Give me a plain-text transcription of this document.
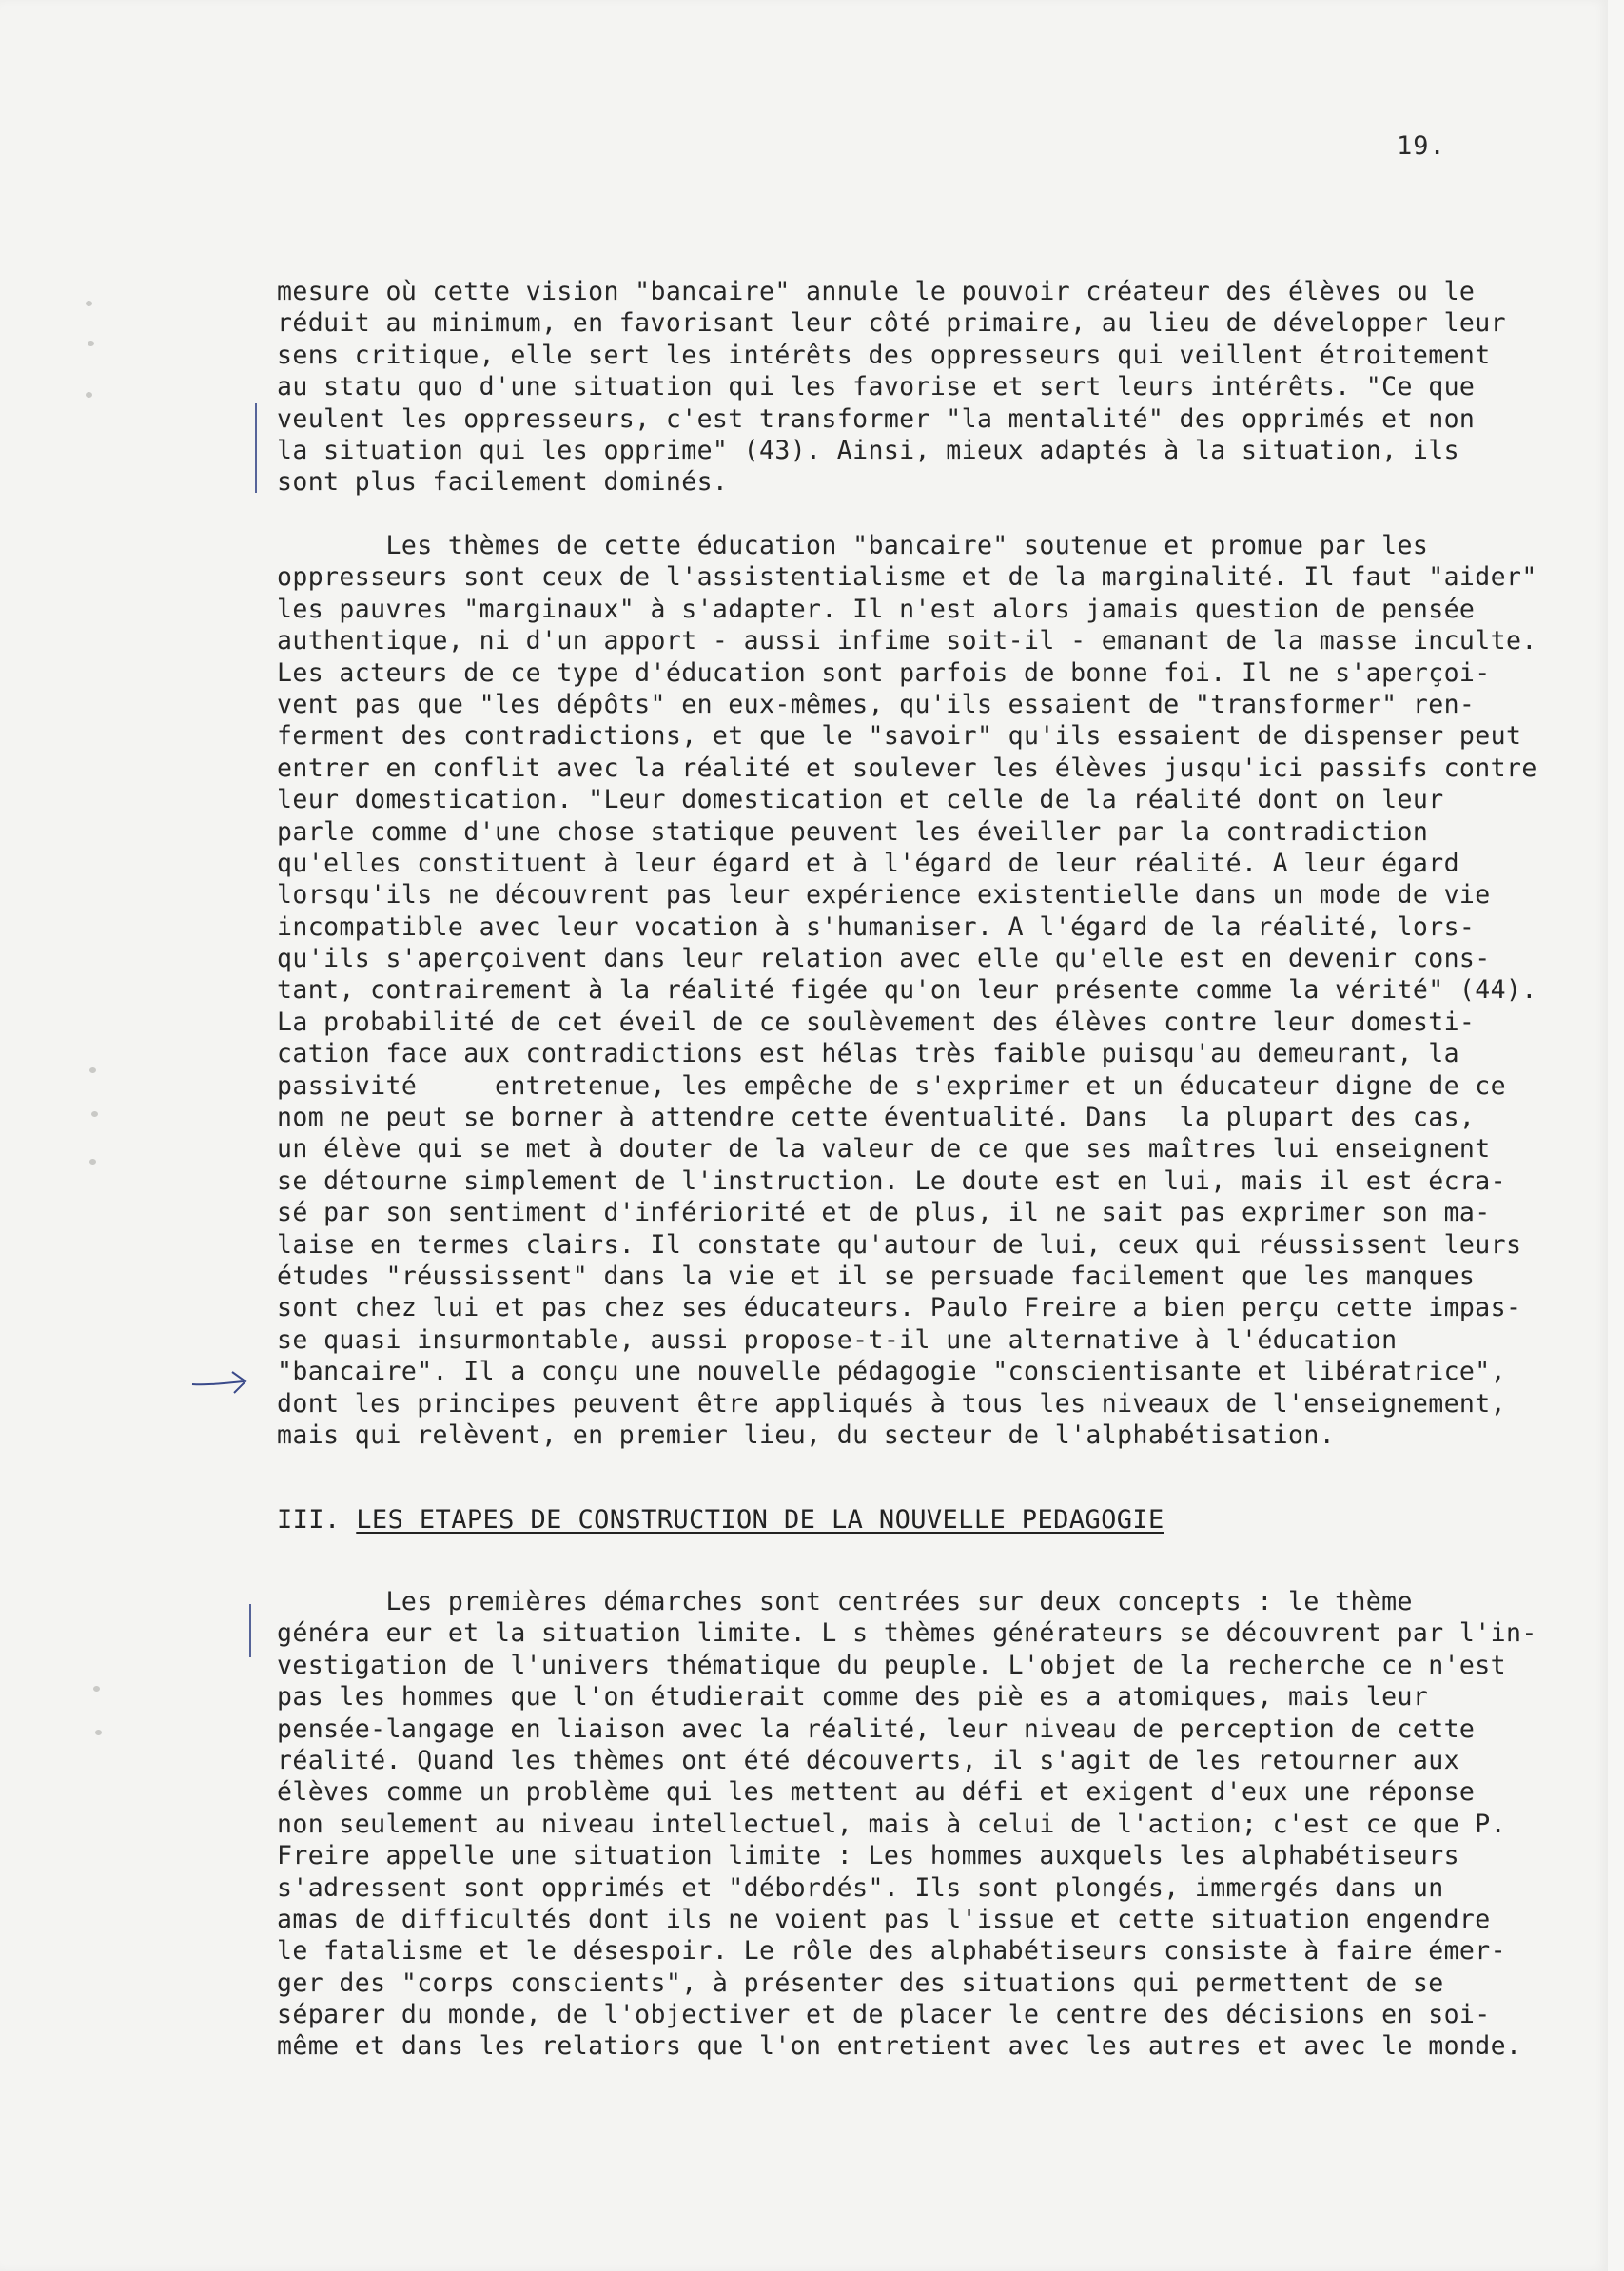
19.
mesure où cette vision "bancaire" annule le pouvoir créateur des élèves ou le
réduit au minimum, en favorisant leur côté primaire, au lieu de développer leur
sens critique, elle sert les intérêts des oppresseurs qui veillent étroitement
au statu quo d'une situation qui les favorise et sert leurs intérêts. "Ce que
veulent les oppresseurs, c'est transformer "la mentalité" des opprimés et non
la situation qui les opprime" (43). Ainsi, mieux adaptés à la situation, ils
sont plus facilement dominés.
Les thèmes de cette éducation "bancaire" soutenue et promue par les
oppresseurs sont ceux de l'assistentialisme et de la marginalité. Il faut "aider"
les pauvres "marginaux" à s'adapter. Il n'est alors jamais question de pensée
authentique, ni d'un apport - aussi infime soit-il - emanant de la masse inculte.
Les acteurs de ce type d'éducation sont parfois de bonne foi. Il ne s'aperçoi-
vent pas que "les dépôts" en eux-mêmes, qu'ils essaient de "transformer" ren-
ferment des contradictions, et que le "savoir" qu'ils essaient de dispenser peut
entrer en conflit avec la réalité et soulever les élèves jusqu'ici passifs contre
leur domestication. "Leur domestication et celle de la réalité dont on leur
parle comme d'une chose statique peuvent les éveiller par la contradiction
qu'elles constituent à leur égard et à l'égard de leur réalité. A leur égard
lorsqu'ils ne découvrent pas leur expérience existentielle dans un mode de vie
incompatible avec leur vocation à s'humaniser. A l'égard de la réalité, lors-
qu'ils s'aperçoivent dans leur relation avec elle qu'elle est en devenir cons-
tant, contrairement à la réalité figée qu'on leur présente comme la vérité" (44).
La probabilité de cet éveil de ce soulèvement des élèves contre leur domesti-
cation face aux contradictions est hélas très faible puisqu'au demeurant, la
passivité     entretenue, les empêche de s'exprimer et un éducateur digne de ce
nom ne peut se borner à attendre cette éventualité. Dans  la plupart des cas,
un élève qui se met à douter de la valeur de ce que ses maîtres lui enseignent
se détourne simplement de l'instruction. Le doute est en lui, mais il est écra-
sé par son sentiment d'infériorité et de plus, il ne sait pas exprimer son ma-
laise en termes clairs. Il constate qu'autour de lui, ceux qui réussissent leurs
études "réussissent" dans la vie et il se persuade facilement que les manques
sont chez lui et pas chez ses éducateurs. Paulo Freire a bien perçu cette impas-
se quasi insurmontable, aussi propose-t-il une alternative à l'éducation
"bancaire". Il a conçu une nouvelle pédagogie "conscientisante et libératrice",
dont les principes peuvent être appliqués à tous les niveaux de l'enseignement,
mais qui relèvent, en premier lieu, du secteur de l'alphabétisation.
III. LES ETAPES DE CONSTRUCTION DE LA NOUVELLE PEDAGOGIE
Les premières démarches sont centrées sur deux concepts : le thème
généra eur et la situation limite. L s thèmes générateurs se découvrent par l'in-
vestigation de l'univers thématique du peuple. L'objet de la recherche ce n'est
pas les hommes que l'on étudierait comme des piè es a atomiques, mais leur
pensée-langage en liaison avec la réalité, leur niveau de perception de cette
réalité. Quand les thèmes ont été découverts, il s'agit de les retourner aux
élèves comme un problème qui les mettent au défi et exigent d'eux une réponse
non seulement au niveau intellectuel, mais à celui de l'action; c'est ce que P.
Freire appelle une situation limite : Les hommes auxquels les alphabétiseurs
s'adressent sont opprimés et "débordés". Ils sont plongés, immergés dans un
amas de difficultés dont ils ne voient pas l'issue et cette situation engendre
le fatalisme et le désespoir. Le rôle des alphabétiseurs consiste à faire émer-
ger des "corps conscients", à présenter des situations qui permettent de se
séparer du monde, de l'objectiver et de placer le centre des décisions en soi-
même et dans les relatiors que l'on entretient avec les autres et avec le monde.
